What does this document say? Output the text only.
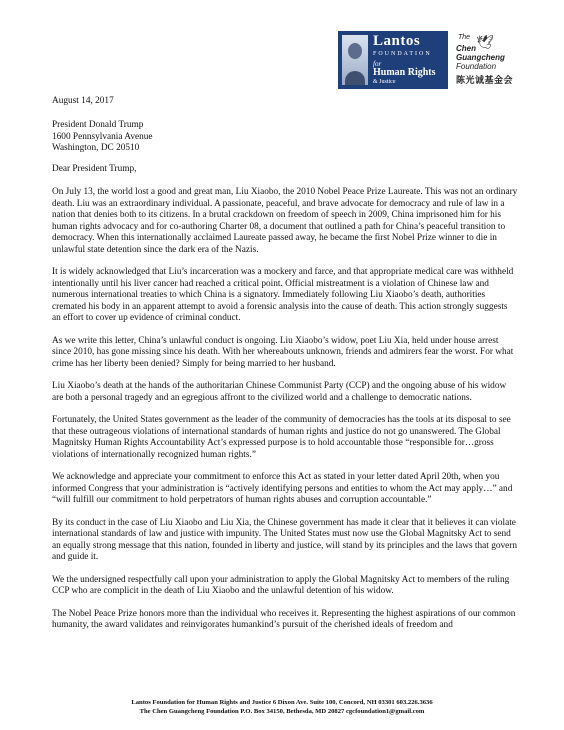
Lantos
FOUNDATION
for
Human Rights
& Justice
The 🕊
Chen
Guangcheng
Foundation
陈光诚基金会
August 14, 2017
President Donald Trump
1600 Pennsylvania Avenue
Washington, DC 20510
Dear President Trump,

On July 13, the world lost a good and great man, Liu Xiaobo, the 2010 Nobel Peace Prize Laureate. This was not an ordinary death. Liu was an extraordinary individual. A passionate, peaceful, and brave advocate for democracy and rule of law in a nation that denies both to its citizens. In a brutal crackdown on freedom of speech in 2009, China imprisoned him for his human rights advocacy and for co-authoring Charter 08, a document that outlined a path for China’s peaceful transition to democracy. When this internationally acclaimed Laureate passed away, he became the first Nobel Prize winner to die in unlawful state detention since the dark era of the Nazis.

It is widely acknowledged that Liu’s incarceration was a mockery and farce, and that appropriate medical care was withheld intentionally until his liver cancer had reached a critical point. Official mistreatment is a violation of Chinese law and numerous international treaties to which China is a signatory. Immediately following Liu Xiaobo’s death, authorities cremated his body in an apparent attempt to avoid a forensic analysis into the cause of death. This action strongly suggests an effort to cover up evidence of criminal conduct.

As we write this letter, China’s unlawful conduct is ongoing. Liu Xiaobo’s widow, poet Liu Xia, held under house arrest since 2010, has gone missing since his death. With her whereabouts unknown, friends and admirers fear the worst. For what crime has her liberty been denied? Simply for being married to her husband.

Liu Xiaobo’s death at the hands of the authoritarian Chinese Communist Party (CCP) and the ongoing abuse of his widow are both a personal tragedy and an egregious affront to the civilized world and a challenge to democratic nations.

Fortunately, the United States government as the leader of the community of democracies has the tools at its disposal to see that these outrageous violations of international standards of human rights and justice do not go unanswered. The Global Magnitsky Human Rights Accountability Act’s expressed purpose is to hold accountable those “responsible for…gross violations of internationally recognized human rights.”

We acknowledge and appreciate your commitment to enforce this Act as stated in your letter dated April 20th, when you informed Congress that your administration is “actively identifying persons and entities to whom the Act may apply…” and “will fulfill our commitment to hold perpetrators of human rights abuses and corruption accountable.”

By its conduct in the case of Liu Xiaobo and Liu Xia, the Chinese government has made it clear that it believes it can violate international standards of law and justice with impunity. The United States must now use the Global Magnitsky Act to send an equally strong message that this nation, founded in liberty and justice, will stand by its principles and the laws that govern and guide it.

We the undersigned respectfully call upon your administration to apply the Global Magnitsky Act to members of the ruling CCP who are complicit in the death of Liu Xiaobo and the unlawful detention of his widow.

The Nobel Peace Prize honors more than the individual who receives it. Representing the highest aspirations of our common humanity, the award validates and reinvigorates humankind’s pursuit of the cherished ideals of freedom and

Lantos Foundation for Human Rights and Justice 6 Dixon Ave. Suite 100, Concord, NH 03301 603.226.3636
The Chen Guangcheng Foundation P.O. Box 34150, Bethesda, MD 20827 cgcfoundation1@gmail.com
